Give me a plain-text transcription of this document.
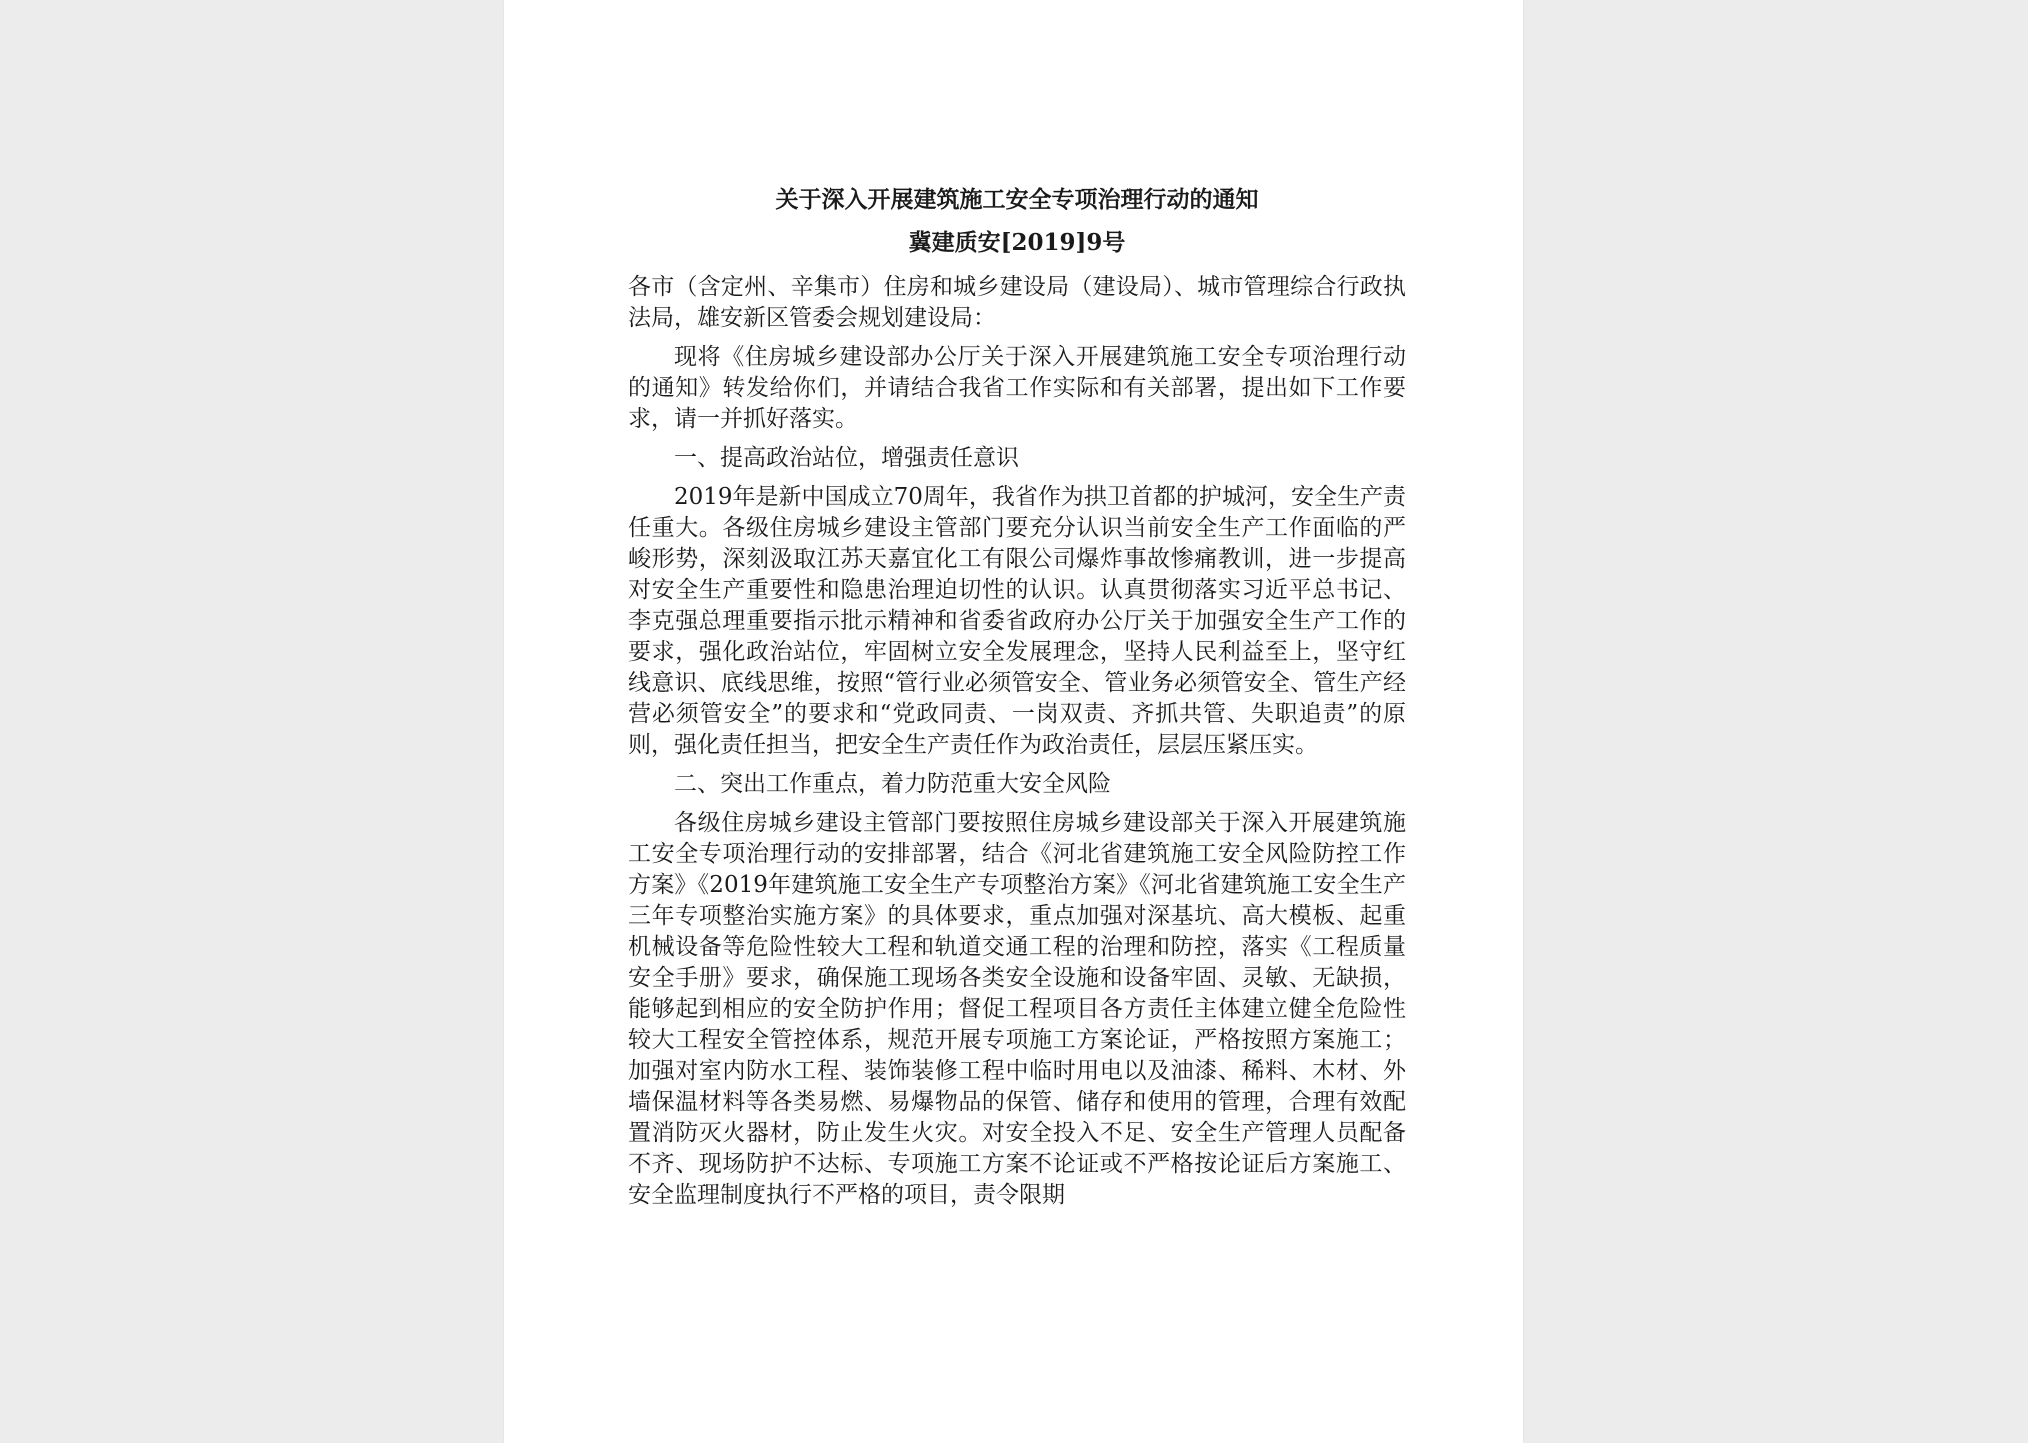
关于深入开展建筑施工安全专项治理行动的通知

冀建质安[2019]9号

各市（含定州、辛集市）住房和城乡建设局（建设局）、城市管理综合行政执法局，雄安新区管委会规划建设局：

现将《住房城乡建设部办公厅关于深入开展建筑施工安全专项治理行动的通知》转发给你们，并请结合我省工作实际和有关部署，提出如下工作要求，请一并抓好落实。

一、提高政治站位，增强责任意识

2019年是新中国成立70周年，我省作为拱卫首都的护城河，安全生产责任重大。各级住房城乡建设主管部门要充分认识当前安全生产工作面临的严峻形势，深刻汲取江苏天嘉宜化工有限公司爆炸事故惨痛教训，进一步提高对安全生产重要性和隐患治理迫切性的认识。认真贯彻落实习近平总书记、李克强总理重要指示批示精神和省委省政府办公厅关于加强安全生产工作的要求，强化政治站位，牢固树立安全发展理念，坚持人民利益至上，坚守红线意识、底线思维，按照“管行业必须管安全、管业务必须管安全、管生产经营必须管安全”的要求和“党政同责、一岗双责、齐抓共管、失职追责”的原则，强化责任担当，把安全生产责任作为政治责任，层层压紧压实。

二、突出工作重点，着力防范重大安全风险

各级住房城乡建设主管部门要按照住房城乡建设部关于深入开展建筑施工安全专项治理行动的安排部署，结合《河北省建筑施工安全风险防控工作方案》《2019年建筑施工安全生产专项整治方案》《河北省建筑施工安全生产三年专项整治实施方案》的具体要求，重点加强对深基坑、高大模板、起重机械设备等危险性较大工程和轨道交通工程的治理和防控，落实《工程质量安全手册》要求，确保施工现场各类安全设施和设备牢固、灵敏、无缺损，能够起到相应的安全防护作用；督促工程项目各方责任主体建立健全危险性较大工程安全管控体系，规范开展专项施工方案论证，严格按照方案施工；加强对室内防水工程、装饰装修工程中临时用电以及油漆、稀料、木材、外墙保温材料等各类易燃、易爆物品的保管、储存和使用的管理，合理有效配置消防灭火器材，防止发生火灾。对安全投入不足、安全生产管理人员配备不齐、现场防护不达标、专项施工方案不论证或不严格按论证后方案施工、安全监理制度执行不严格的项目，责令限期
